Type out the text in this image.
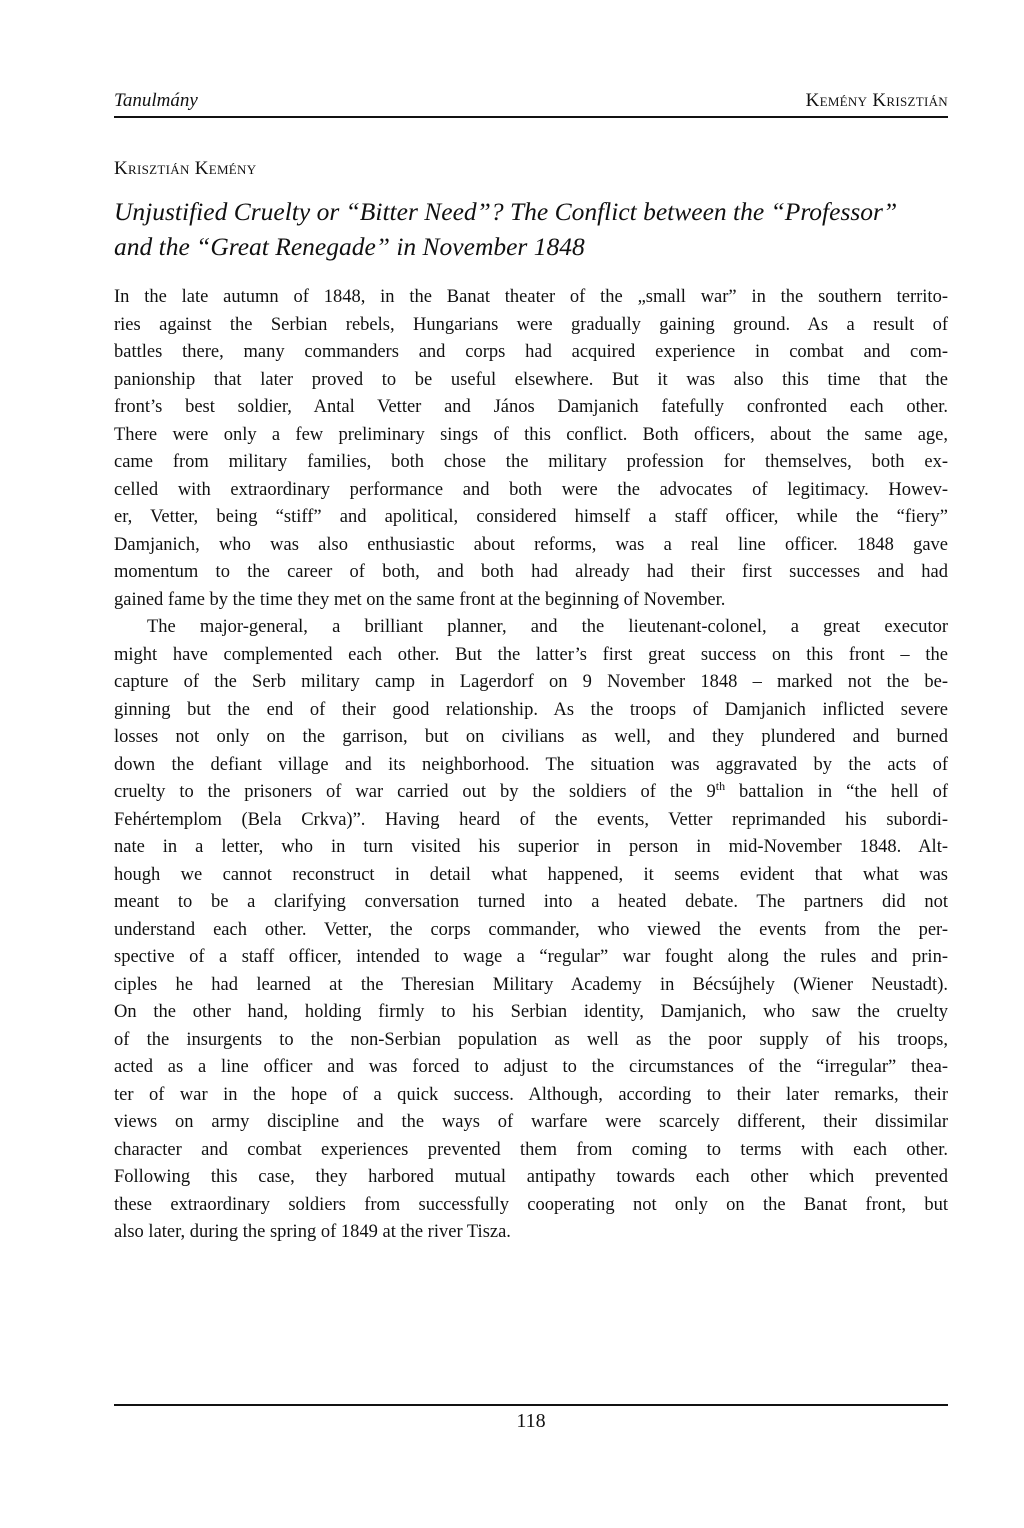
Tanulmány	Kemény Krisztián
Krisztián Kemény
Unjustified Cruelty or “Bitter Need”? The Conflict between the “Professor”
and the “Great Renegade” in November 1848
In the late autumn of 1848, in the Banat theater of the „small war” in the southern territo-
ries against the Serbian rebels, Hungarians were gradually gaining ground. As a result of
battles there, many commanders and corps had acquired experience in combat and com-
panionship that later proved to be useful elsewhere. But it was also this time that the
front’s best soldier, Antal Vetter and János Damjanich fatefully confronted each other.
There were only a few preliminary sings of this conflict. Both officers, about the same age,
came from military families, both chose the military profession for themselves, both ex-
celled with extraordinary performance and both were the advocates of legitimacy. Howev-
er, Vetter, being “stiff” and apolitical, considered himself a staff officer, while the “fiery”
Damjanich, who was also enthusiastic about reforms, was a real line officer. 1848 gave
momentum to the career of both, and both had already had their first successes and had
gained fame by the time they met on the same front at the beginning of November.
The major-general, a brilliant planner, and the lieutenant-colonel, a great executor
might have complemented each other. But the latter’s first great success on this front – the
capture of the Serb military camp in Lagerdorf on 9 November 1848 – marked not the be-
ginning but the end of their good relationship. As the troops of Damjanich inflicted severe
losses not only on the garrison, but on civilians as well, and they plundered and burned
down the defiant village and its neighborhood. The situation was aggravated by the acts of
cruelty to the prisoners of war carried out by the soldiers of the 9th battalion in “the hell of
Fehértemplom (Bela Crkva)”. Having heard of the events, Vetter reprimanded his subordi-
nate in a letter, who in turn visited his superior in person in mid-November 1848. Alt-
hough we cannot reconstruct in detail what happened, it seems evident that what was
meant to be a clarifying conversation turned into a heated debate. The partners did not
understand each other. Vetter, the corps commander, who viewed the events from the per-
spective of a staff officer, intended to wage a “regular” war fought along the rules and prin-
ciples he had learned at the Theresian Military Academy in Bécsújhely (Wiener Neustadt).
On the other hand, holding firmly to his Serbian identity, Damjanich, who saw the cruelty
of the insurgents to the non-Serbian population as well as the poor supply of his troops,
acted as a line officer and was forced to adjust to the circumstances of the “irregular” thea-
ter of war in the hope of a quick success. Although, according to their later remarks, their
views on army discipline and the ways of warfare were scarcely different, their dissimilar
character and combat experiences prevented them from coming to terms with each other.
Following this case, they harbored mutual antipathy towards each other which prevented
these extraordinary soldiers from successfully cooperating not only on the Banat front, but
also later, during the spring of 1849 at the river Tisza.
118
